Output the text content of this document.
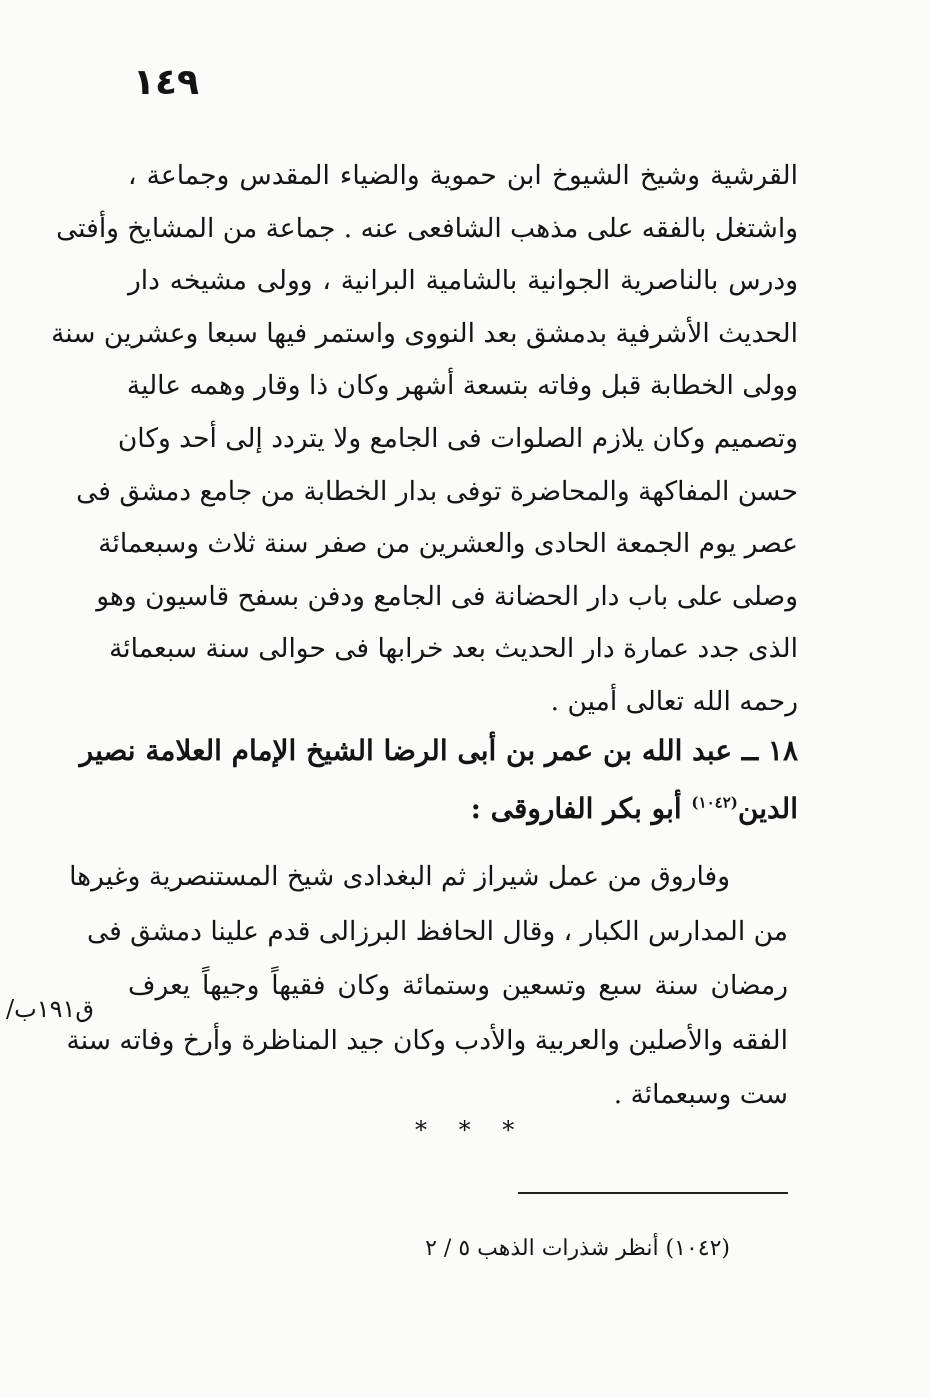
١٤٩
القرشية وشيخ الشيوخ ابن حموية والضياء المقدس وجماعة ،
واشتغل بالفقه على مذهب الشافعى عنه . جماعة من المشايخ وأفتى
ودرس بالناصرية الجوانية بالشامية البرانية ، وولى مشيخه دار
الحديث الأشرفية بدمشق بعد النووى واستمر فيها سبعا وعشرين سنة
وولى الخطابة قبل وفاته بتسعة أشهر وكان ذا وقار وهمه عالية
وتصميم وكان يلازم الصلوات فى الجامع ولا يتردد إلى أحد وكان
حسن المفاكهة والمحاضرة توفى بدار الخطابة من جامع دمشق فى
عصر يوم الجمعة الحادى والعشرين من صفر سنة ثلاث وسبعمائة
وصلى على باب دار الحضانة فى الجامع ودفن بسفح قاسيون وهو
الذى جدد عمارة دار الحديث بعد خرابها فى حوالى سنة سبعمائة
رحمه الله تعالى أمين .
١٨ ــ عبد الله بن عمر بن أبى الرضا الشيخ الإمام العلامة نصير
الدين$^{(١٠٤٢)}$ أبو بكر الفاروقى :
وفاروق من عمل شيراز ثم البغدادى شيخ المستنصرية وغيرها
من المدارس الكبار ، وقال الحافظ البرزالى قدم علينا دمشق فى
رمضان سنة سبع وتسعين وستمائة وكان فقيهاً وجيهاً يعرف
الفقه والأصلين والعربية والأدب وكان جيد المناظرة وأرخ وفاته سنة
ست وسبعمائة .
ق١٩١ب/
* * *
(١٠٤٢) أنظر شذرات الذهب ٥ / ٢
